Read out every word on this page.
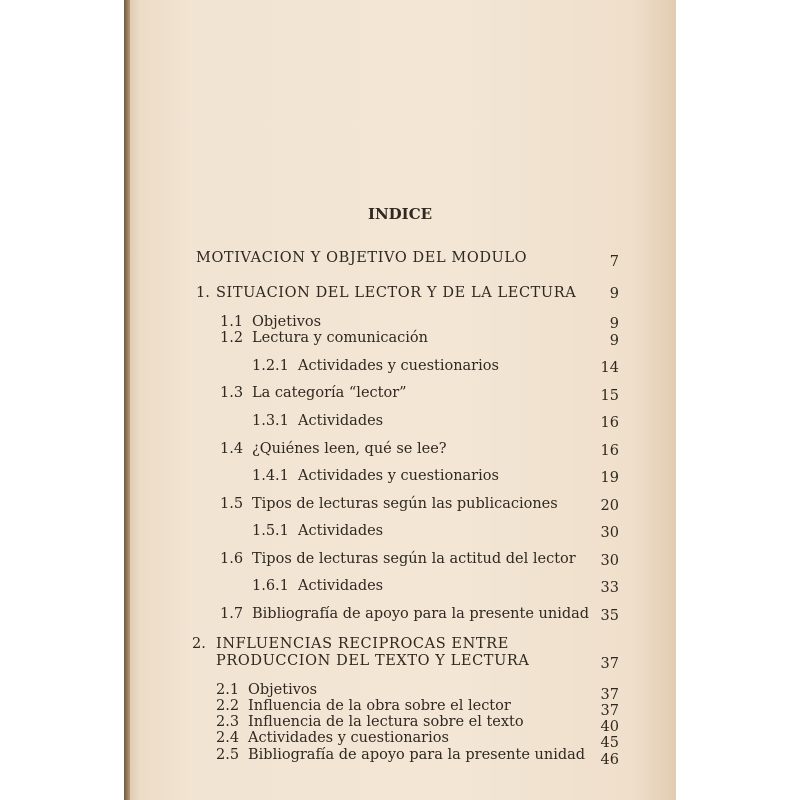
INDICE
MOTIVACION Y OBJETIVO DEL MODULO	7
1. SITUACION DEL LECTOR Y DE LA LECTURA	9
1.1 Objetivos	9
1.2 Lectura y comunicación	9
1.2.1 Actividades y cuestionarios	14
1.3 La categoría “lector”	15
1.3.1 Actividades	16
1.4 ¿Quiénes leen, qué se lee?	16
1.4.1 Actividades y cuestionarios	19
1.5 Tipos de lecturas según las publicaciones	20
1.5.1 Actividades	30
1.6 Tipos de lecturas según la actitud del lector	30
1.6.1 Actividades	33
1.7 Bibliografía de apoyo para la presente unidad 35
2. INFLUENCIAS RECIPROCAS ENTRE
PRODUCCION DEL TEXTO Y LECTURA	37
2.1 Objetivos	37
2.2 Influencia de la obra sobre el lector	37
2.3 Influencia de la lectura sobre el texto	40
2.4 Actividades y cuestionarios	45
2.5 Bibliografía de apoyo para la presente unidad	46
